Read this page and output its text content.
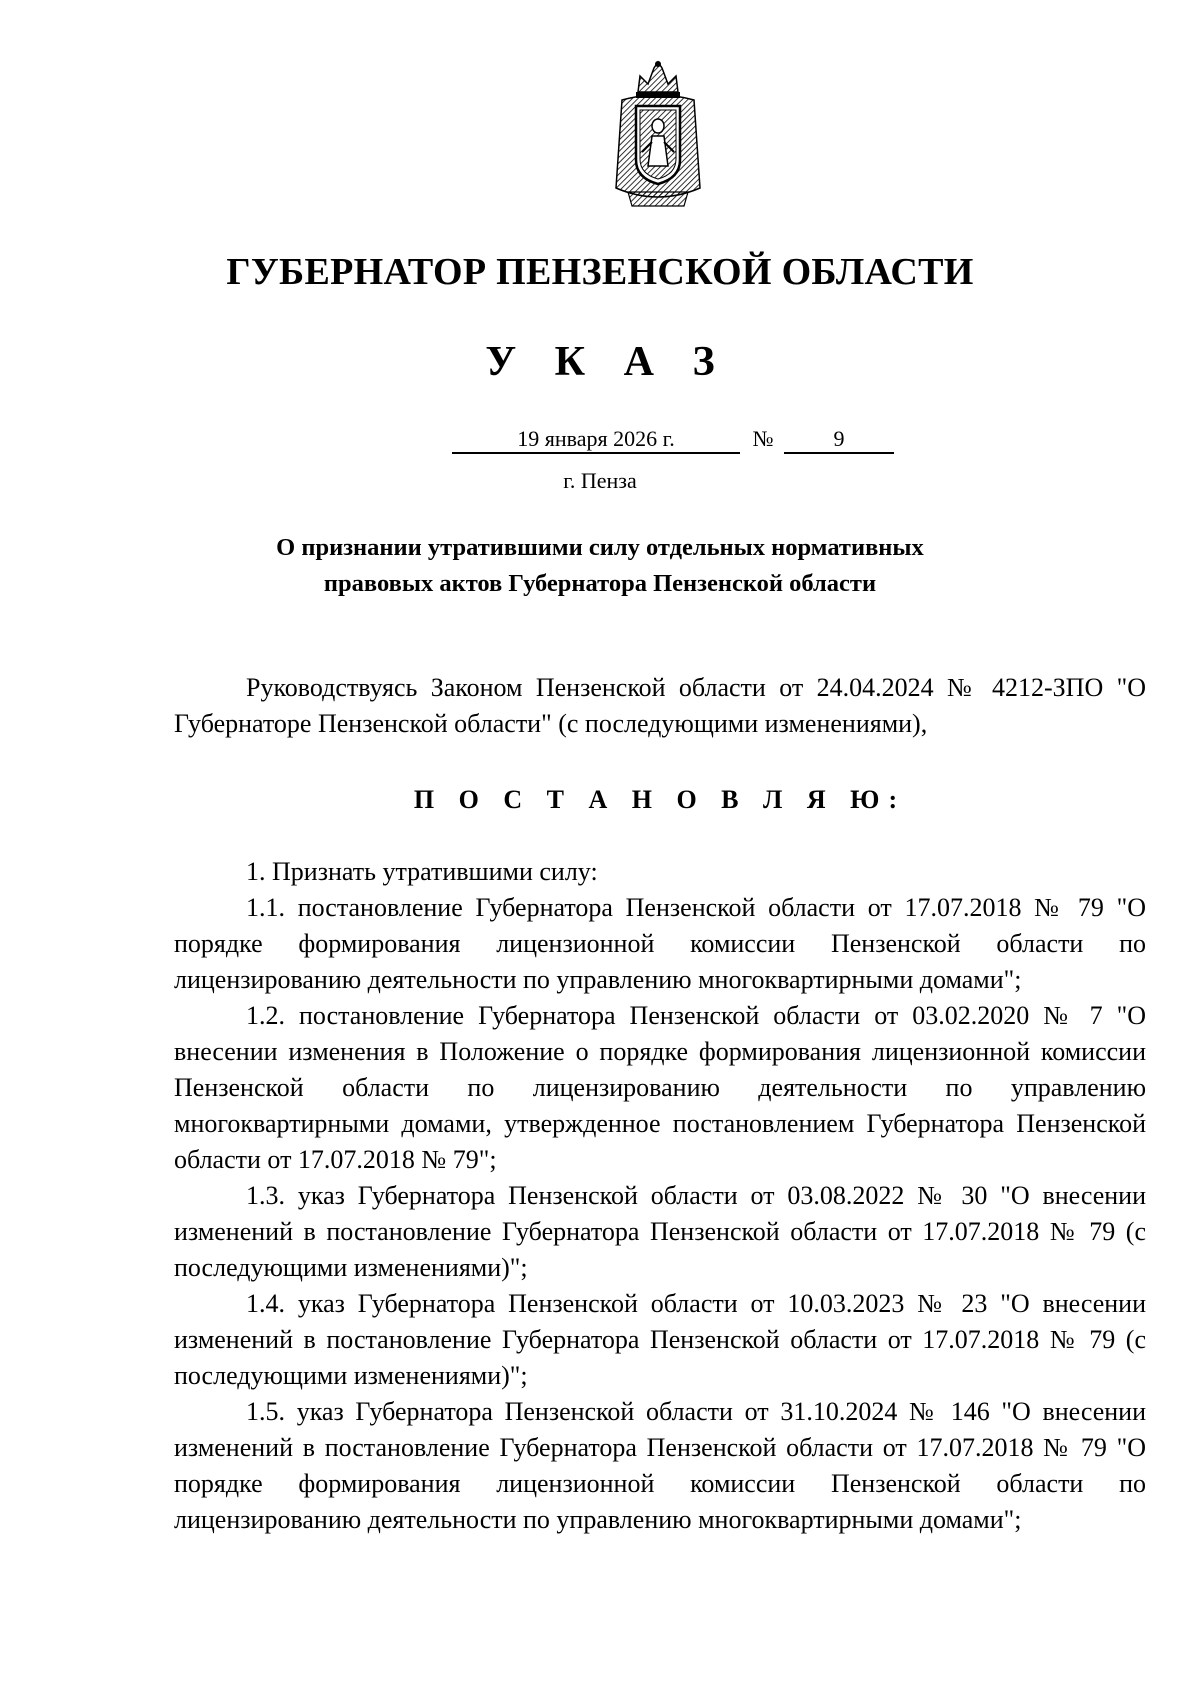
ГУБЕРНАТОР ПЕНЗЕНСКОЙ ОБЛАСТИ
У К А З
19 января 2026 г.	№	9
г. Пенза
О признании утратившими силу отдельных нормативных
правовых актов Губернатора Пензенской области

Руководствуясь Законом Пензенской области от 24.04.2024 № 4212-ЗПО "О Губернаторе Пензенской области" (с последующими изменениями),

П О С Т А Н О В Л Я Ю:

1. Признать утратившими силу:

1.1. постановление Губернатора Пензенской области от 17.07.2018 № 79 "О порядке формирования лицензионной комиссии Пензенской области по лицензированию деятельности по управлению многоквартирными домами";

1.2. постановление Губернатора Пензенской области от 03.02.2020 № 7 "О внесении изменения в Положение о порядке формирования лицензионной комиссии Пензенской области по лицензированию деятельности по управлению многоквартирными домами, утвержденное постановлением Губернатора Пензенской области от 17.07.2018 № 79";

1.3. указ Губернатора Пензенской области от 03.08.2022 № 30 "О внесении изменений в постановление Губернатора Пензенской области от 17.07.2018 № 79 (с последующими изменениями)";

1.4. указ Губернатора Пензенской области от 10.03.2023 № 23 "О внесении изменений в постановление Губернатора Пензенской области от 17.07.2018 № 79 (с последующими изменениями)";

1.5. указ Губернатора Пензенской области от 31.10.2024 № 146 "О внесении изменений в постановление Губернатора Пензенской области от 17.07.2018 № 79 "О порядке формирования лицензионной комиссии Пензенской области по лицензированию деятельности по управлению многоквартирными домами";
